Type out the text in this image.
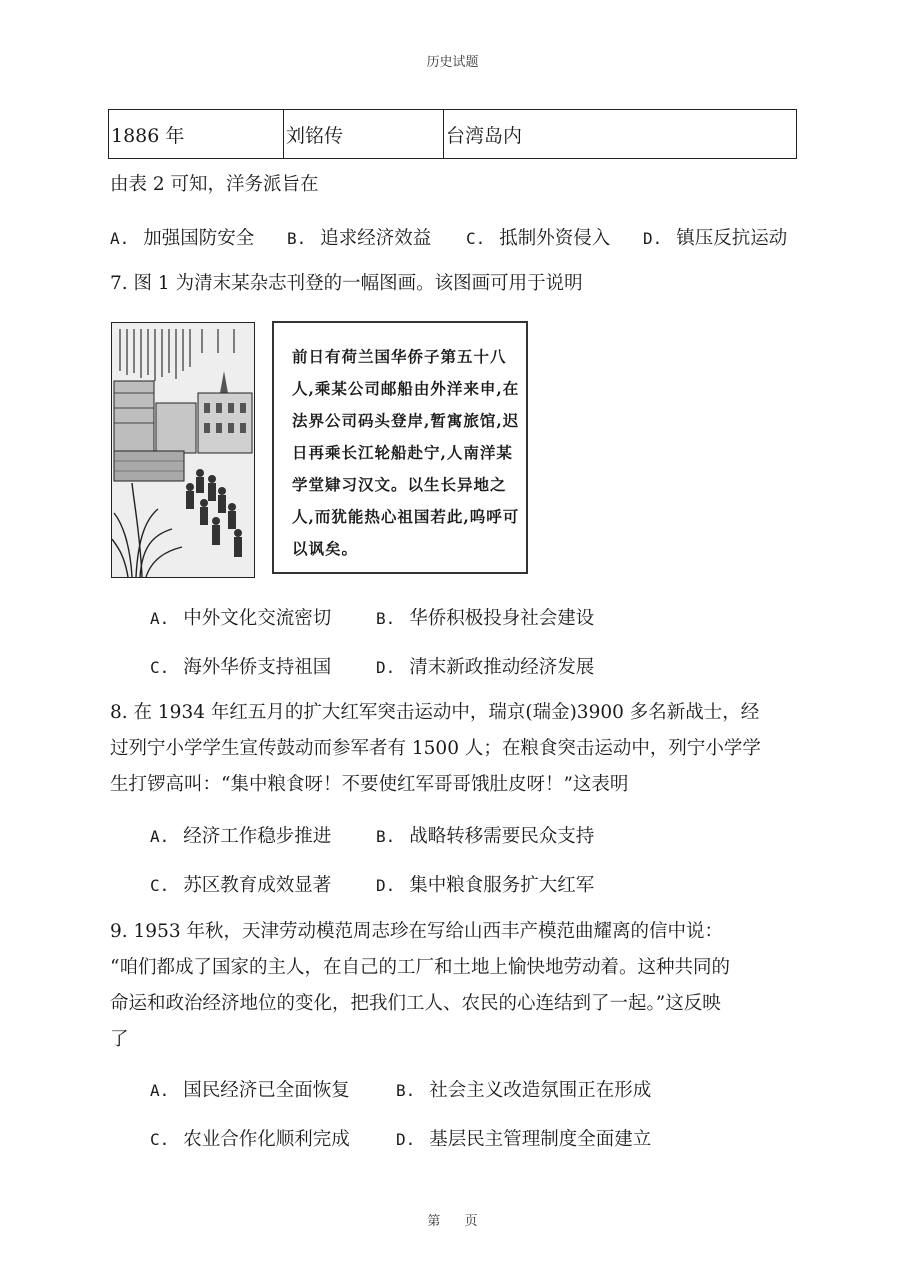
历史试题
1886 年	刘铭传	台湾岛内
由表 2 可知，洋务派旨在
A. 加强国防安全 B. 追求经济效益 C. 抵制外资侵入 D. 镇压反抗运动
7. 图 1 为清末某杂志刊登的一幅图画。该图画可用于说明
前日有荷兰国华侨子第五十八
人,乘某公司邮船由外洋来申,在
法界公司码头登岸,暂寓旅馆,迟
日再乘长江轮船赴宁,人南洋某
学堂肄习汉文。以生长异地之
人,而犹能热心祖国若此,呜呼可
以讽矣。
A. 中外文化交流密切	B. 华侨积极投身社会建设
C. 海外华侨支持祖国	D. 清末新政推动经济发展
8. 在 1934 年红五月的扩大红军突击运动中，瑞京(瑞金)3900 多名新战士，经
过列宁小学学生宣传鼓动而参军者有 1500 人；在粮食突击运动中，列宁小学学
生打锣高叫：“集中粮食呀！不要使红军哥哥饿肚皮呀！”这表明
A. 经济工作稳步推进	B. 战略转移需要民众支持
C. 苏区教育成效显著	D. 集中粮食服务扩大红军
9. 1953 年秋，天津劳动模范周志珍在写给山西丰产模范曲耀离的信中说：
“咱们都成了国家的主人，在自己的工厂和土地上愉快地劳动着。这种共同的
命运和政治经济地位的变化，把我们工人、农民的心连结到了一起。”这反映
了
A. 国民经济已全面恢复	B. 社会主义改造氛围正在形成
C. 农业合作化顺利完成	D. 基层民主管理制度全面建立
第 页
